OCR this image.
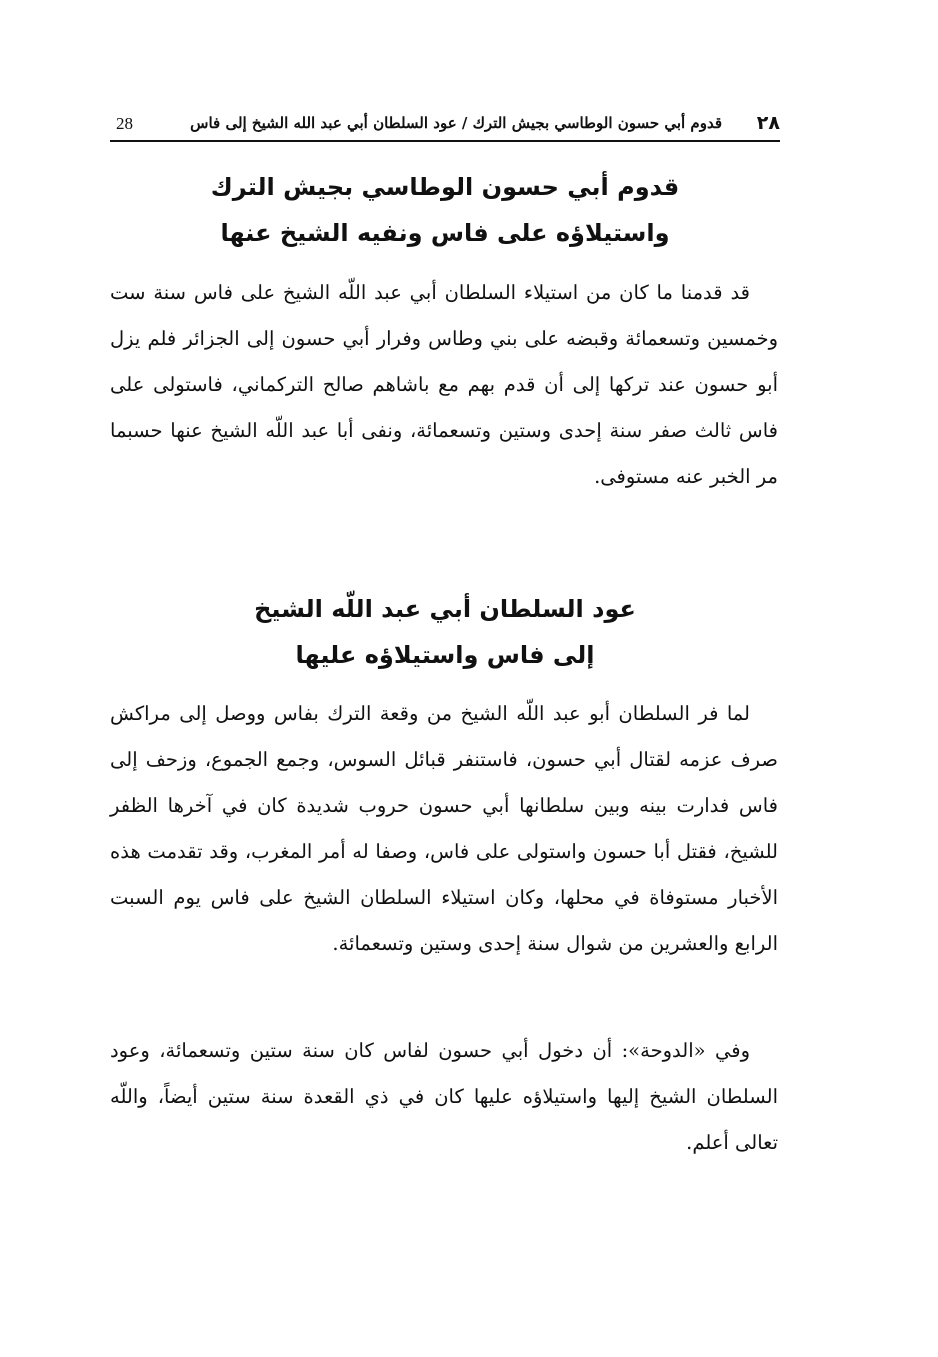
٢٨
قدوم أبي حسون الوطاسي بجيش الترك / عود السلطان أبي عبد الله الشيخ إلى فاس
28
قدوم أبي حسون الوطاسي بجيش الترك
واستيلاؤه على فاس ونفيه الشيخ عنها

قد قدمنا ما كان من استيلاء السلطان أبي عبد اللّه الشيخ على فاس سنة ست وخمسين وتسعمائة وقبضه على بني وطاس وفرار أبي حسون إلى الجزائر فلم يزل أبو حسون عند تركها إلى أن قدم بهم مع باشاهم صالح التركماني، فاستولى على فاس ثالث صفر سنة إحدى وستين وتسعمائة، ونفى أبا عبد اللّه الشيخ عنها حسبما مر الخبر عنه مستوفى.

عود السلطان أبي عبد اللّه الشيخ
إلى فاس واستيلاؤه عليها

لما فر السلطان أبو عبد اللّه الشيخ من وقعة الترك بفاس ووصل إلى مراكش صرف عزمه لقتال أبي حسون، فاستنفر قبائل السوس، وجمع الجموع، وزحف إلى فاس فدارت بينه وبين سلطانها أبي حسون حروب شديدة كان في آخرها الظفر للشيخ، فقتل أبا حسون واستولى على فاس، وصفا له أمر المغرب، وقد تقدمت هذه الأخبار مستوفاة في محلها، وكان استيلاء السلطان الشيخ على فاس يوم السبت الرابع والعشرين من شوال سنة إحدى وستين وتسعمائة.

وفي «الدوحة»: أن دخول أبي حسون لفاس كان سنة ستين وتسعمائة، وعود السلطان الشيخ إليها واستيلاؤه عليها كان في ذي القعدة سنة ستين أيضاً، واللّه تعالى أعلم.
